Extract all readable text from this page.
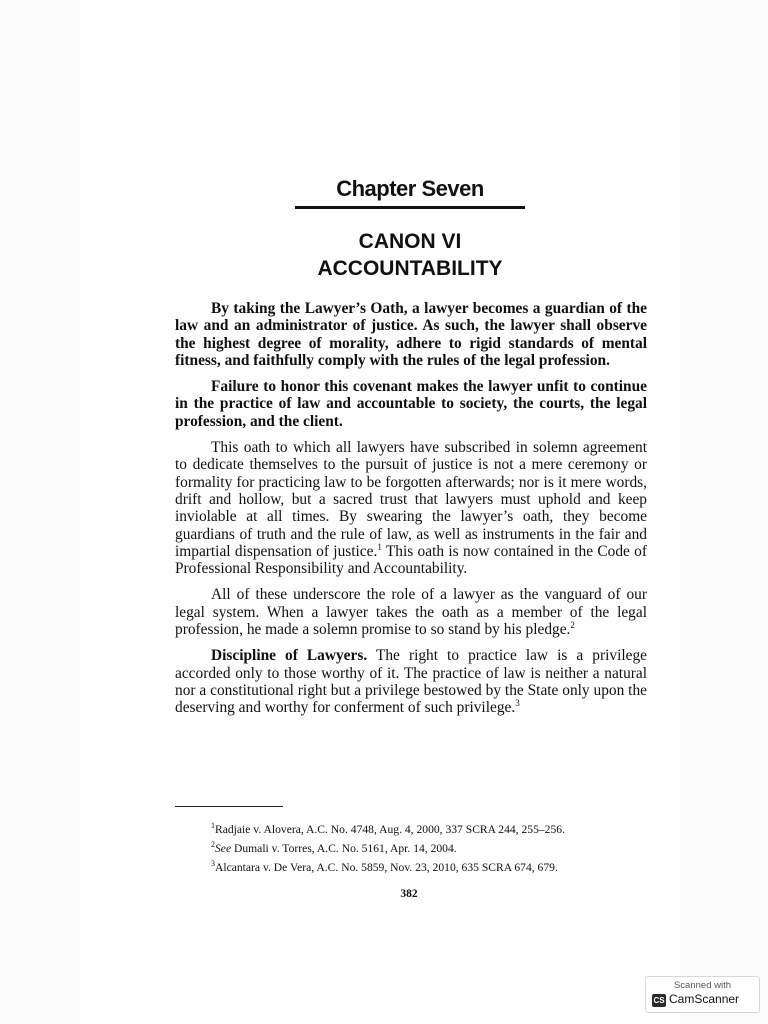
Chapter Seven
CANON VI
ACCOUNTABILITY

By taking the Lawyer’s Oath, a lawyer becomes a guardian of the law and an administrator of justice. As such, the lawyer shall observe the highest degree of morality, adhere to rigid standards of mental fitness, and faithfully comply with the rules of the legal profession.

Failure to honor this covenant makes the lawyer unfit to continue in the practice of law and accountable to society, the courts, the legal profession, and the client.

This oath to which all lawyers have subscribed in solemn agreement to dedicate themselves to the pursuit of justice is not a mere ceremony or formality for practicing law to be forgotten afterwards; nor is it mere words, drift and hollow, but a sacred trust that lawyers must uphold and keep inviolable at all times. By swearing the lawyer’s oath, they become guardians of truth and the rule of law, as well as instruments in the fair and impartial dispensation of justice.$^1$ This oath is now contained in the Code of Professional Responsibility and Accountability.

All of these underscore the role of a lawyer as the vanguard of our legal system. When a lawyer takes the oath as a member of the legal profession, he made a solemn promise to so stand by his pledge.$^2$

Discipline of Lawyers. The right to practice law is a privilege accorded only to those worthy of it. The practice of law is neither a natural nor a constitutional right but a privilege bestowed by the State only upon the deserving and worthy for conferment of such privilege.$^3$

$^1$Radjaie v. Alovera, A.C. No. 4748, Aug. 4, 2000, 337 SCRA 244, 255–256.
$^2$See Dumali v. Torres, A.C. No. 5161, Apr. 14, 2004.
$^3$Alcantara v. De Vera, A.C. No. 5859, Nov. 23, 2010, 635 SCRA 674, 679.
382
Scanned with
CS CamScanner
